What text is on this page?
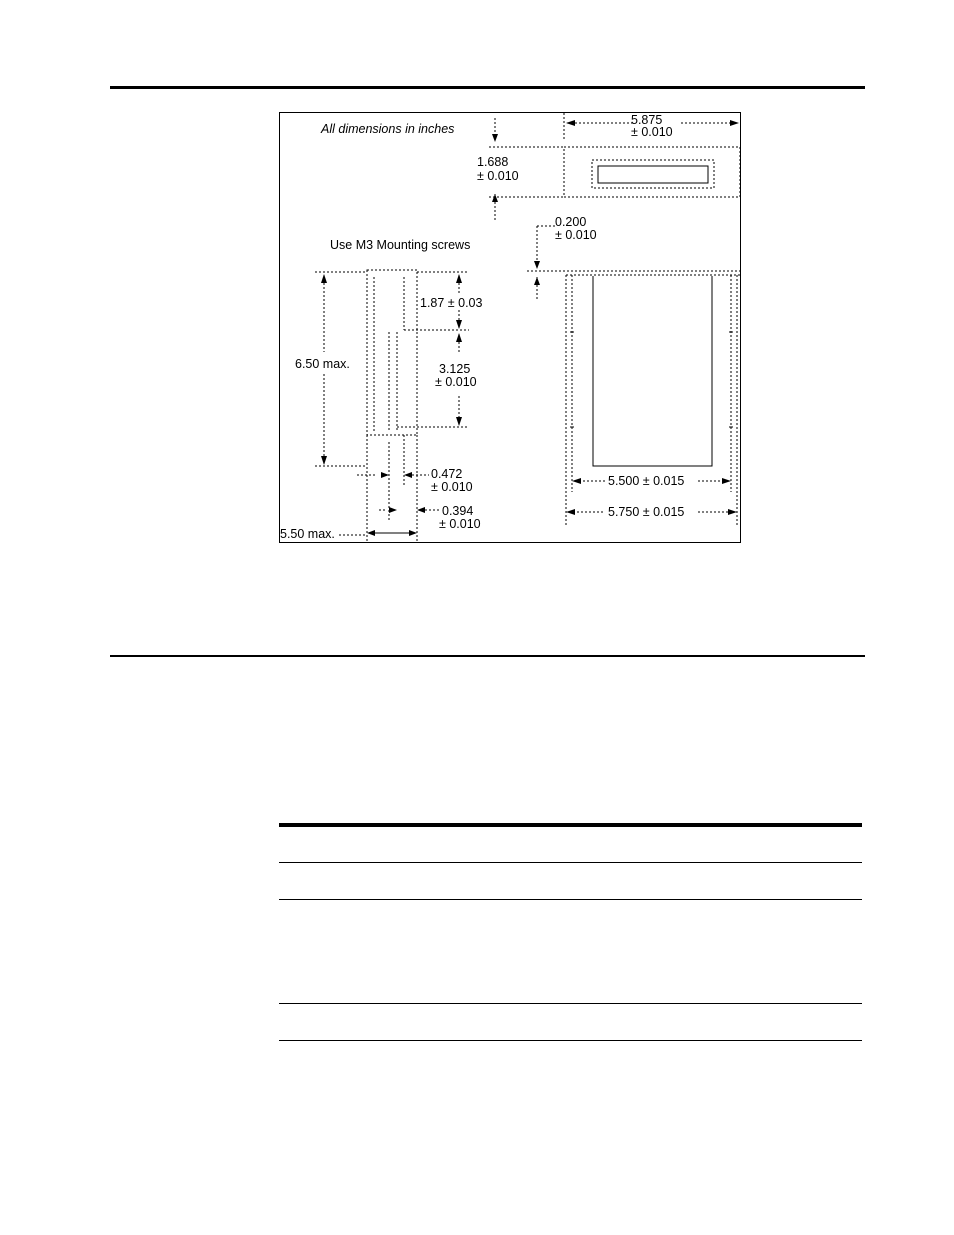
5.875
± 0.010
All dimensions in inches
1.688
± 0.010
0.200
± 0.010
Use M3 Mounting screws
6.50 max.
1.87 ± 0.03
3.125
± 0.010
0.472
± 0.010
0.394
± 0.010
5.50 max.
5.500 ± 0.015
5.750 ± 0.015
